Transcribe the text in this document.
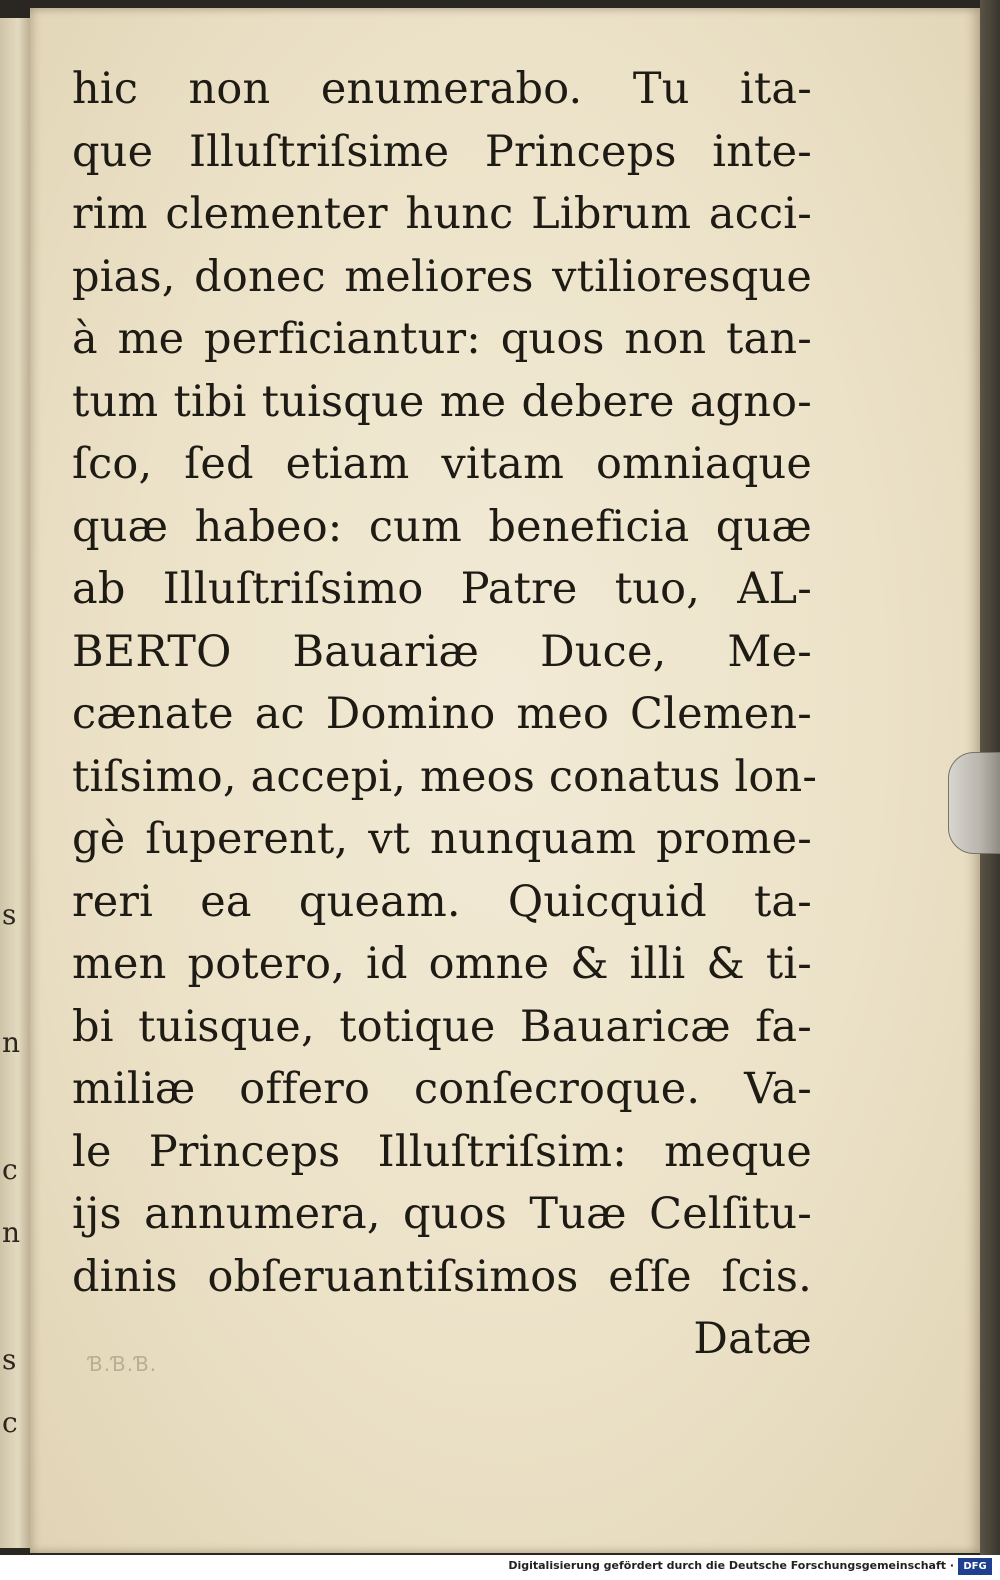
s
n
c
n
s
c
hic non enumerabo. Tu ita-
que Illuſtriſsime Princeps inte-
rim clementer hunc Librum acci-
pias, donec meliores vtilioresque
à me perficiantur: quos non tan-
tum tibi tuisque me debere agno-
ſco, ſed etiam vitam omniaque
quæ habeo: cum beneficia quæ
ab Illuſtriſsimo Patre tuo, AL-
BERTO Bauariæ Duce, Me-
cænate ac Domino meo Clemen-
tiſsimo, accepi, meos conatus lon-
gè ſuperent, vt nunquam prome-
reri ea queam. Quicquid ta-
men potero, id omne & illi & ti-
bi tuisque, totique Bauaricæ fa-
miliæ offero conſecroque. Va-
le Princeps Illuſtriſsim: meque
ijs annumera, quos Tuæ Celſitu-
dinis obſeruantiſsimos eſſe ſcis.
Datæ
Ɓ.Ɓ.Ɓ.
Digitalisierung gefördert durch die Deutsche Forschungsgemeinschaft · DFG
